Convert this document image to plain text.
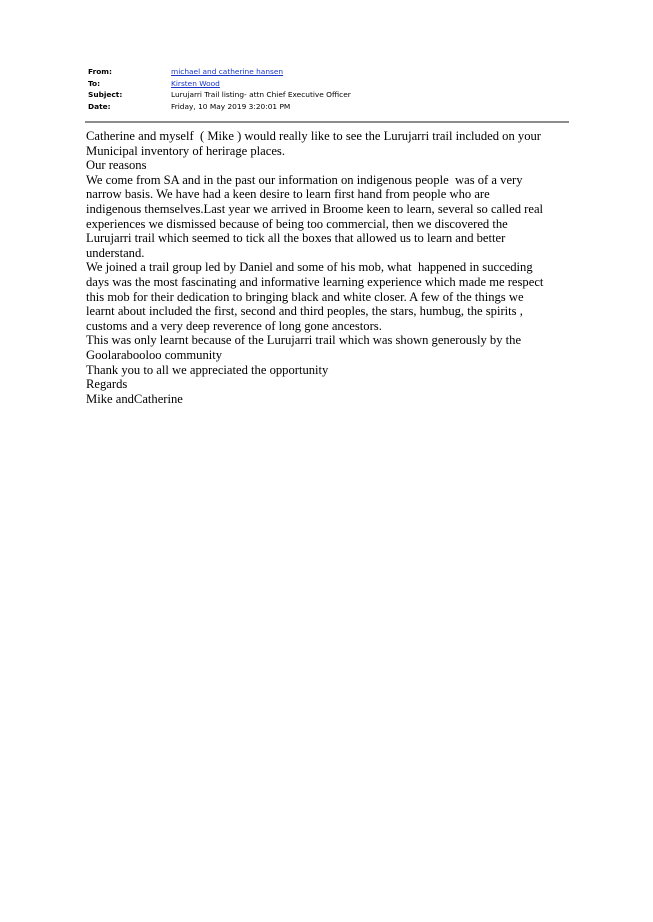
From:	michael and catherine hansen
To:	Kirsten Wood
Subject:	Lurujarri Trail listing- attn Chief Executive Officer
Date:	Friday, 10 May 2019 3:20:01 PM

Catherine and myself  ( Mike ) would really like to see the Lurujarri trail included on your

Municipal inventory of herirage places.

Our reasons

We come from SA and in the past our information on indigenous people  was of a very

narrow basis. We have had a keen desire to learn first hand from people who are

indigenous themselves.Last year we arrived in Broome keen to learn, several so called real

experiences we dismissed because of being too commercial, then we discovered the

Lurujarri trail which seemed to tick all the boxes that allowed us to learn and better

understand.

We joined a trail group led by Daniel and some of his mob, what  happened in succeding

days was the most fascinating and informative learning experience which made me respect

this mob for their dedication to bringing black and white closer. A few of the things we

learnt about included the first, second and third peoples, the stars, humbug, the spirits ,

customs and a very deep reverence of long gone ancestors.

This was only learnt because of the Lurujarri trail which was shown generously by the

Goolarabooloo community

Thank you to all we appreciated the opportunity

Regards

Mike andCatherine
